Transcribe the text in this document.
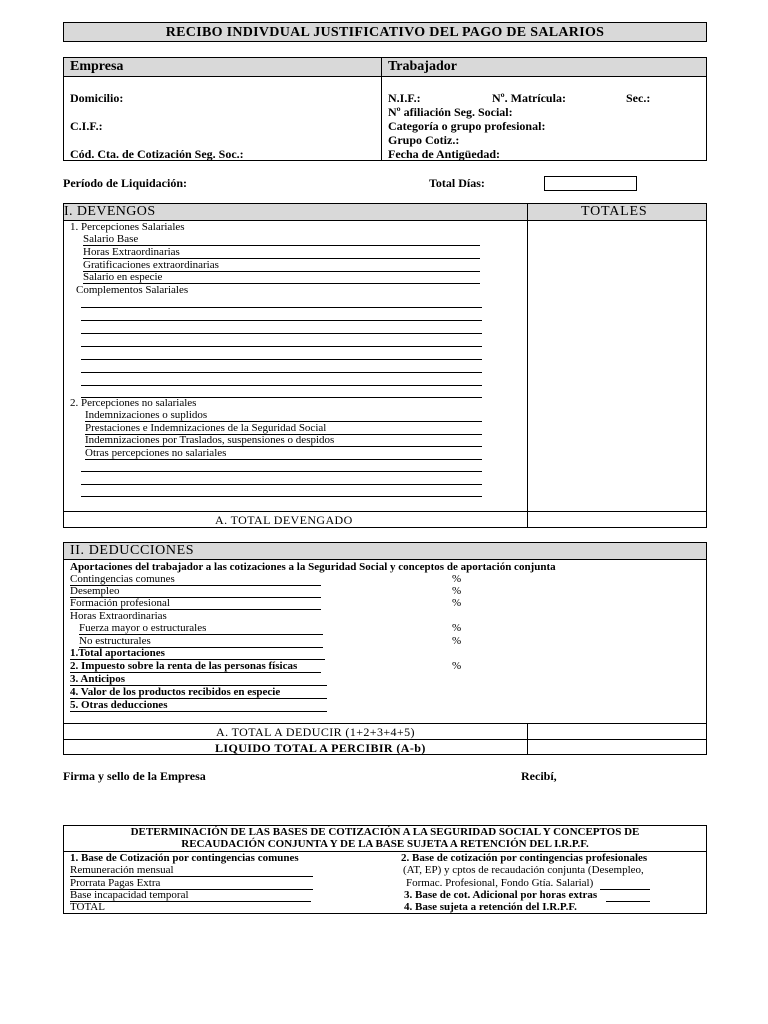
RECIBO INDIVDUAL JUSTIFICATIVO DEL PAGO DE SALARIOS
Empresa	Trabajador
Domicilio:
C.I.F.:
Cód. Cta. de Cotización Seg. Soc.:
N.I.F.:	Nº. Matrícula:	Sec.:
Nº afiliación Seg. Social:
Categoría o grupo profesional:
Grupo Cotiz.:
Fecha de Antigüedad:
Período de Liquidación:	Total Días:
I. DEVENGOS	TOTALES
1. Percepciones Salariales
Salario Base
Horas Extraordinarias
Gratificaciones extraordinarias
Salario en especie
Complementos Salariales
2. Percepciones no salariales
Indemnizaciones o suplidos
Prestaciones e Indemnizaciones de la Seguridad Social
Indemnizaciones por Traslados, suspensiones o despidos
Otras percepciones no salariales
A. TOTAL DEVENGADO
II. DEDUCCIONES
Aportaciones del trabajador a las cotizaciones a la Seguridad Social y conceptos de aportación conjunta
Contingencias comunes	%
Desempleo	%
Formación profesional	%
Horas Extraordinarias
Fuerza mayor o estructurales	%
No estructurales	%
1.Total aportaciones
2. Impuesto sobre la renta de las personas físicas	%
3. Anticipos
4. Valor de los productos recibidos en especie
5. Otras deducciones
A. TOTAL A DEDUCIR (1+2+3+4+5)
LIQUIDO TOTAL A PERCIBIR (A-b)
Firma y sello de la Empresa	Recibí,
DETERMINACIÓN DE LAS BASES DE COTIZACIÓN A LA SEGURIDAD SOCIAL Y CONCEPTOS DE
RECAUDACIÓN CONJUNTA Y DE LA BASE SUJETA A RETENCIÓN DEL I.R.P.F.
1. Base de Cotización por contingencias comunes
Remuneración mensual
Prorrata Pagas Extra
Base incapacidad temporal
TOTAL
2. Base de cotización por contingencias profesionales
(AT, EP) y cptos de recaudación conjunta (Desempleo,
Formac. Profesional, Fondo Gtía. Salarial)
3. Base de cot. Adicional por horas extras
4. Base sujeta a retención del I.R.P.F.
